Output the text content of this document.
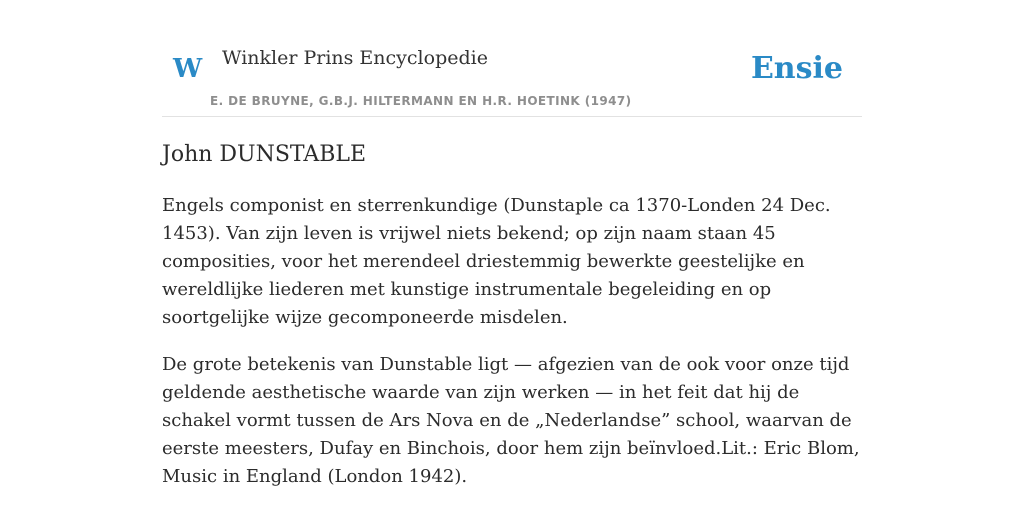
W Winkler Prins Encyclopedie
E. DE BRUYNE, G.B.J. HILTERMANN EN H.R. HOETINK (1947)
Ensie
John DUNSTABLE

Engels componist en sterrenkundige (Dunstaple ca 1370-Londen 24 Dec. 1453). Van zijn leven is vrijwel niets bekend; op zijn naam staan 45 composities, voor het merendeel driestemmig bewerkte geestelijke en wereldlijke liederen met kunstige instrumentale begeleiding en op soortgelijke wijze gecomponeerde misdelen.

De grote betekenis van Dunstable ligt — afgezien van de ook voor onze tijd geldende aesthetische waarde van zijn werken — in het feit dat hij de schakel vormt tussen de Ars Nova en de „Nederlandse” school, waarvan de eerste meesters, Dufay en Binchois, door hem zijn beïnvloed.Lit.: Eric Blom, Music in England (London 1942).
